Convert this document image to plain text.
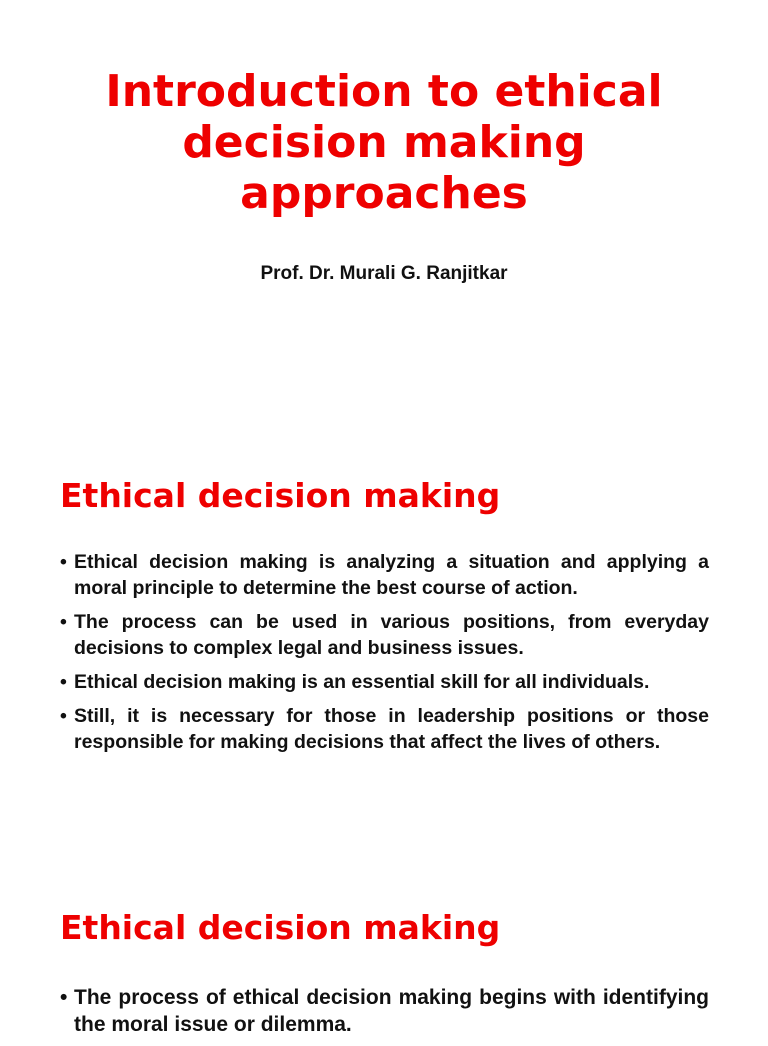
Introduction to ethical decision making approaches

Prof. Dr. Murali G. Ranjitkar

Ethical decision making
• Ethical decision making is analyzing a situation and applying a moral principle to determine the best course of action.
• The process can be used in various positions, from everyday decisions to complex legal and business issues.
• Ethical decision making is an essential skill for all individuals.
• Still, it is necessary for those in leadership positions or those responsible for making decisions that affect the lives of others.
Ethical decision making
• The process of ethical decision making begins with identifying the moral issue or dilemma.
